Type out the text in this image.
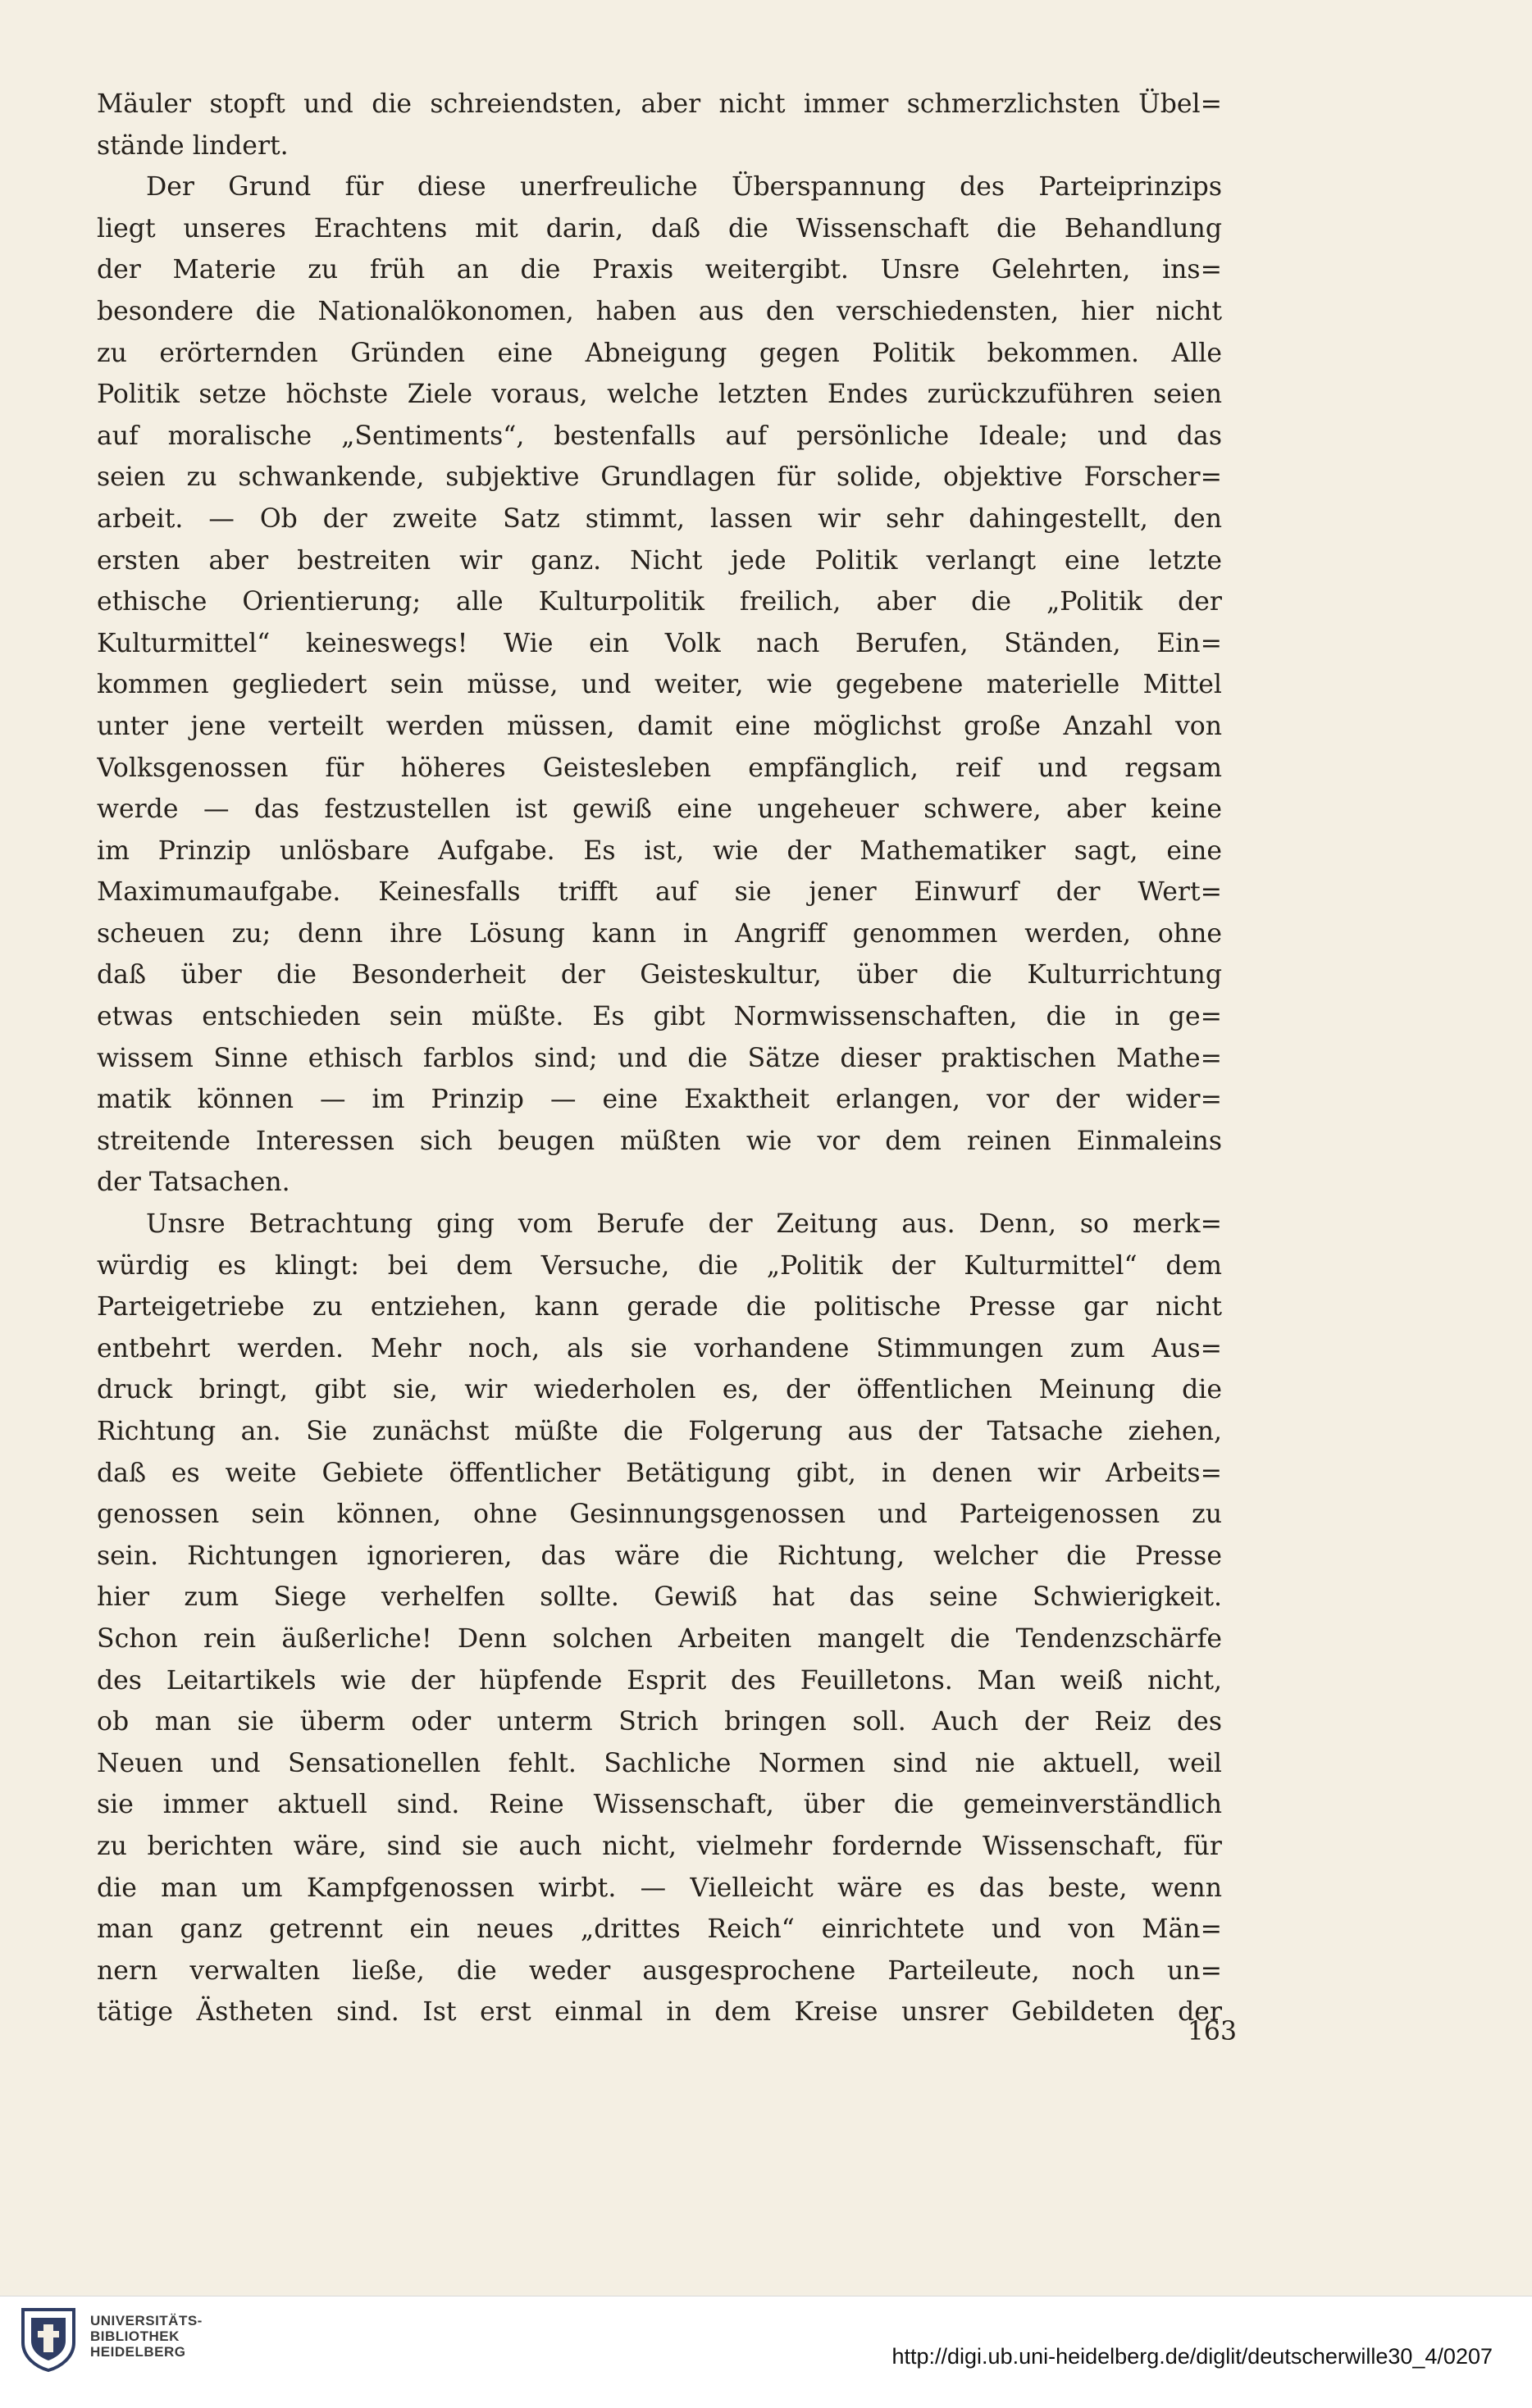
Mäuler stopft und die schreiendsten, aber nicht immer schmerzlichsten Übel=
stände lindert.
Der Grund für diese unerfreuliche Überspannung des Parteiprinzips
liegt unseres Erachtens mit darin, daß die Wissenschaft die Behandlung
der Materie zu früh an die Praxis weitergibt. Unsre Gelehrten, ins=
besondere die Nationalökonomen, haben aus den verschiedensten, hier nicht
zu erörternden Gründen eine Abneigung gegen Politik bekommen. Alle
Politik setze höchste Ziele voraus, welche letzten Endes zurückzuführen seien
auf moralische „Sentiments“, bestenfalls auf persönliche Ideale; und das
seien zu schwankende, subjektive Grundlagen für solide, objektive Forscher=
arbeit. — Ob der zweite Satz stimmt, lassen wir sehr dahingestellt, den
ersten aber bestreiten wir ganz. Nicht jede Politik verlangt eine letzte
ethische Orientierung; alle Kulturpolitik freilich, aber die „Politik der
Kulturmittel“ keineswegs! Wie ein Volk nach Berufen, Ständen, Ein=
kommen gegliedert sein müsse, und weiter, wie gegebene materielle Mittel
unter jene verteilt werden müssen, damit eine möglichst große Anzahl von
Volksgenossen für höheres Geistesleben empfänglich, reif und regsam
werde — das festzustellen ist gewiß eine ungeheuer schwere, aber keine
im Prinzip unlösbare Aufgabe. Es ist, wie der Mathematiker sagt, eine
Maximumaufgabe. Keinesfalls trifft auf sie jener Einwurf der Wert=
scheuen zu; denn ihre Lösung kann in Angriff genommen werden, ohne
daß über die Besonderheit der Geisteskultur, über die Kulturrichtung
etwas entschieden sein müßte. Es gibt Normwissenschaften, die in ge=
wissem Sinne ethisch farblos sind; und die Sätze dieser praktischen Mathe=
matik können — im Prinzip — eine Exaktheit erlangen, vor der wider=
streitende Interessen sich beugen müßten wie vor dem reinen Einmaleins
der Tatsachen.
Unsre Betrachtung ging vom Berufe der Zeitung aus. Denn, so merk=
würdig es klingt: bei dem Versuche, die „Politik der Kulturmittel“ dem
Parteigetriebe zu entziehen, kann gerade die politische Presse gar nicht
entbehrt werden. Mehr noch, als sie vorhandene Stimmungen zum Aus=
druck bringt, gibt sie, wir wiederholen es, der öffentlichen Meinung die
Richtung an. Sie zunächst müßte die Folgerung aus der Tatsache ziehen,
daß es weite Gebiete öffentlicher Betätigung gibt, in denen wir Arbeits=
genossen sein können, ohne Gesinnungsgenossen und Parteigenossen zu
sein. Richtungen ignorieren, das wäre die Richtung, welcher die Presse
hier zum Siege verhelfen sollte. Gewiß hat das seine Schwierigkeit.
Schon rein äußerliche! Denn solchen Arbeiten mangelt die Tendenzschärfe
des Leitartikels wie der hüpfende Esprit des Feuilletons. Man weiß nicht,
ob man sie überm oder unterm Strich bringen soll. Auch der Reiz des
Neuen und Sensationellen fehlt. Sachliche Normen sind nie aktuell, weil
sie immer aktuell sind. Reine Wissenschaft, über die gemeinverständlich
zu berichten wäre, sind sie auch nicht, vielmehr fordernde Wissenschaft, für
die man um Kampfgenossen wirbt. — Vielleicht wäre es das beste, wenn
man ganz getrennt ein neues „drittes Reich“ einrichtete und von Män=
nern verwalten ließe, die weder ausgesprochene Parteileute, noch un=
tätige Ästheten sind. Ist erst einmal in dem Kreise unsrer Gebildeten der
163
UNIVERSITÄTS-
BIBLIOTHEK
HEIDELBERG	http://digi.ub.uni-heidelberg.de/diglit/deutscherwille30_4/0207
